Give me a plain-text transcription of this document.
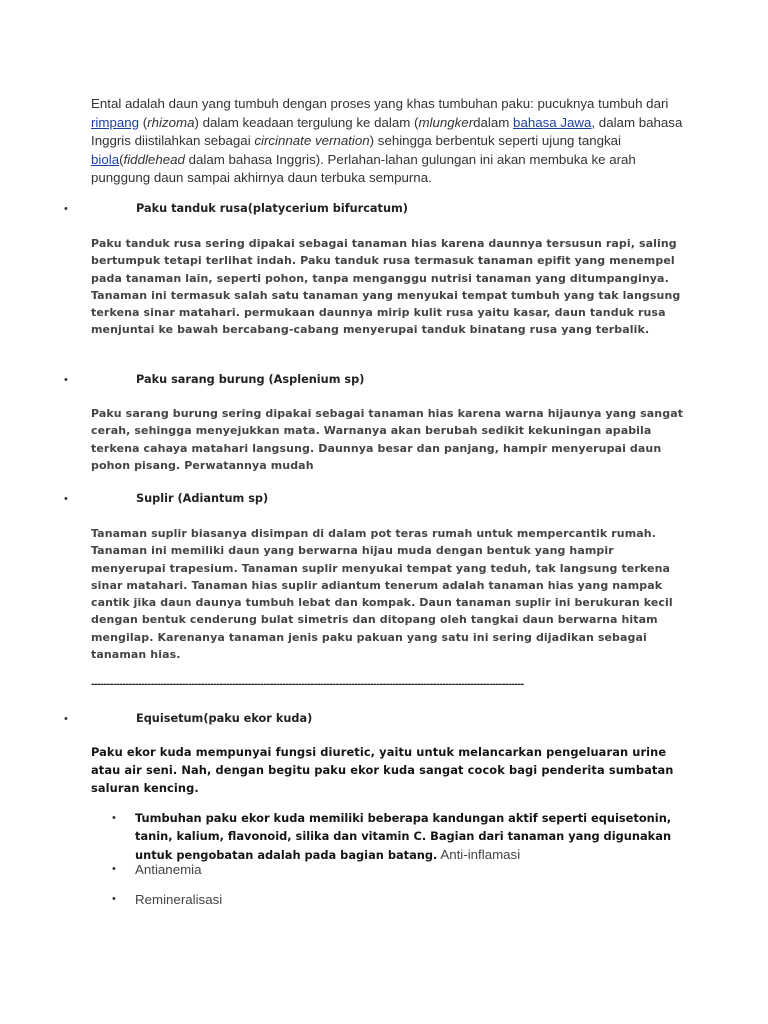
Ental adalah daun yang tumbuh dengan proses yang khas tumbuhan paku: pucuknya tumbuh dari rimpang (rhizoma) dalam keadaan tergulung ke dalam (mlungkerdalam bahasa Jawa, dalam bahasa Inggris diistilahkan sebagai circinnate vernation) sehingga berbentuk seperti ujung tangkai biola(fiddlehead dalam bahasa Inggris). Perlahan-lahan gulungan ini akan membuka ke arah punggung daun sampai akhirnya daun terbuka sempurna.
•	Paku tanduk rusa(platycerium bifurcatum)
Paku tanduk rusa sering dipakai sebagai tanaman hias karena daunnya tersusun rapi, saling bertumpuk tetapi terlihat indah. Paku tanduk rusa termasuk tanaman epifit yang menempel pada tanaman lain, seperti pohon, tanpa menganggu nutrisi tanaman yang ditumpanginya. Tanaman ini termasuk salah satu tanaman yang menyukai tempat tumbuh yang tak langsung terkena sinar matahari. permukaan daunnya mirip kulit rusa yaitu kasar, daun tanduk rusa menjuntai ke bawah bercabang-cabang menyerupai tanduk binatang rusa yang terbalik.
•	Paku sarang burung (Asplenium sp)
Paku sarang burung sering dipakai sebagai tanaman hias karena warna hijaunya yang sangat cerah, sehingga menyejukkan mata. Warnanya akan berubah sedikit kekuningan apabila terkena cahaya matahari langsung. Daunnya besar dan panjang, hampir menyerupai daun pohon pisang. Perwatannya mudah
•	Suplir (Adiantum sp)
Tanaman suplir biasanya disimpan di dalam pot teras rumah untuk mempercantik rumah. Tanaman ini memiliki daun yang berwarna hijau muda dengan bentuk yang hampir menyerupai trapesium. Tanaman suplir menyukai tempat yang teduh, tak langsung terkena sinar matahari. Tanaman hias suplir adiantum tenerum adalah tanaman hias yang nampak cantik jika daun daunya tumbuh lebat dan kompak. Daun tanaman suplir ini berukuran kecil dengan bentuk cenderung bulat simetris dan ditopang oleh tangkai daun berwarna hitam mengilap. Karenanya tanaman jenis paku pakuan yang satu ini sering dijadikan sebagai tanaman hias.
------------------------------------------------------------------------------------------------------------------------------------------
•	Equisetum(paku ekor kuda)
Paku ekor kuda mempunyai fungsi diuretic, yaitu untuk melancarkan pengeluaran urine atau air seni. Nah, dengan begitu paku ekor kuda sangat cocok bagi penderita sumbatan saluran kencing.
• Tumbuhan paku ekor kuda memiliki beberapa kandungan aktif seperti equisetonin, tanin, kalium, flavonoid, silika dan vitamin C. Bagian dari tanaman yang digunakan untuk pengobatan adalah pada bagian batang. Anti-inflamasi
• Antianemia
• Remineralisasi
